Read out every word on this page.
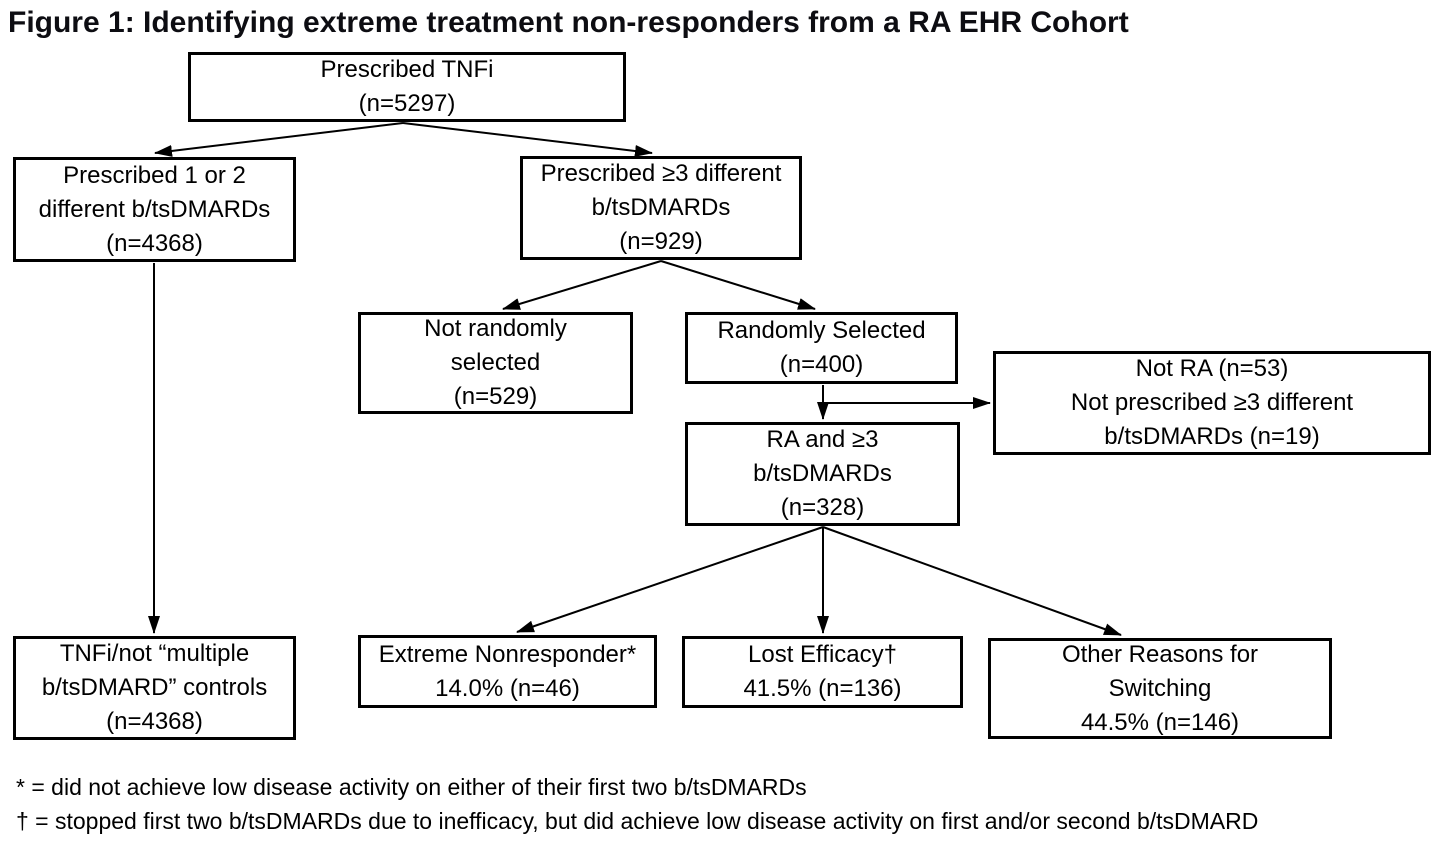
Figure 1: Identifying extreme treatment non-responders from a RA EHR Cohort
Prescribed TNFi
(n=5297)
Prescribed 1 or 2
different b/tsDMARDs
(n=4368)
Prescribed ≥3 different
b/tsDMARDs
(n=929)
Not randomly
selected
(n=529)
Randomly Selected
(n=400)	Not RA (n=53)
Not prescribed ≥3 different
b/tsDMARDs (n=19)
RA and ≥3
b/tsDMARDs
(n=328)
TNFi/not “multiple
b/tsDMARD” controls
(n=4368)
Extreme Nonresponder*
14.0% (n=46)
Lost Efficacy†
41.5% (n=136)
Other Reasons for
Switching
44.5% (n=146)
* = did not achieve low disease activity on either of their first two b/tsDMARDs
† = stopped first two b/tsDMARDs due to inefficacy, but did achieve low disease activity on first and/or second b/tsDMARD
